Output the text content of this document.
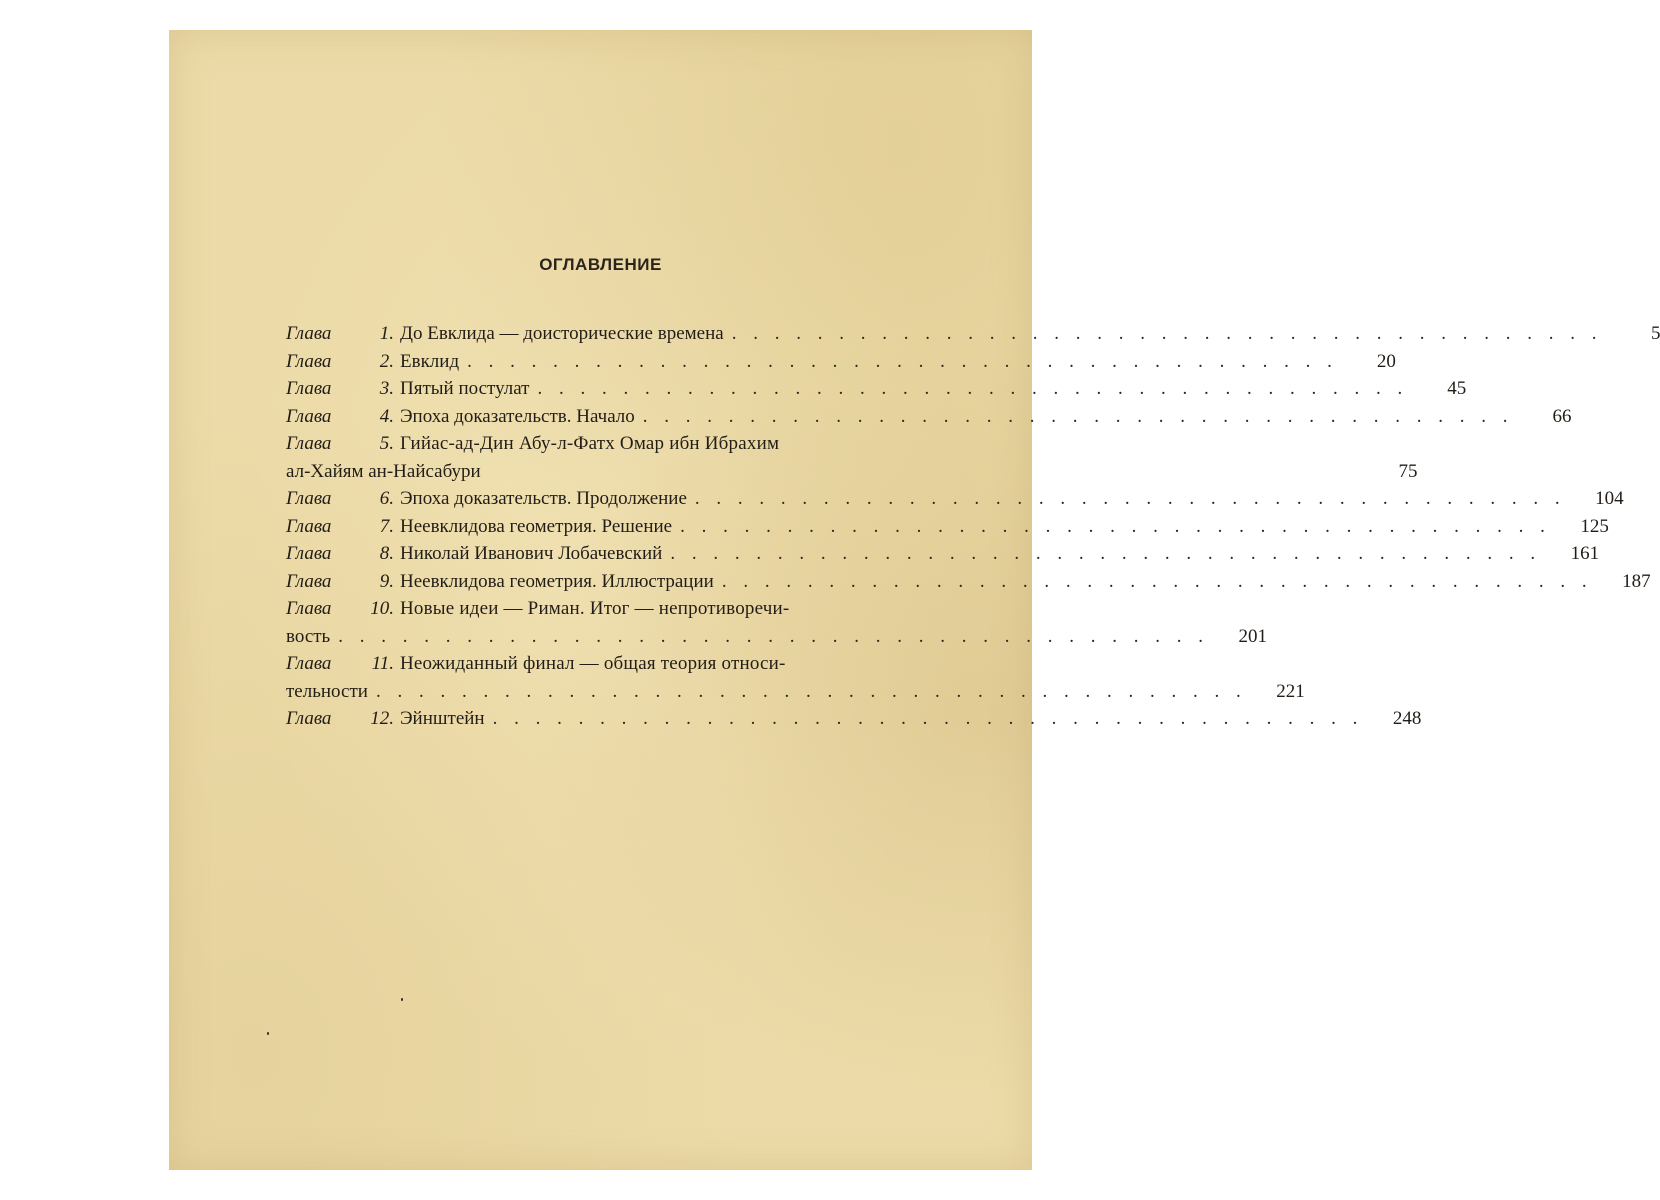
ОГЛАВЛЕНИЕ
Глава	1. До Евклида — доисторические времена . . .	5
Глава	2. Евклид . . .	20
Глава	3. Пятый постулат . . .	45
Глава	4. Эпоха доказательств. Начало . . .	66
Глава	5. Гийас-ад-Дин Абу-л-Фатх Омар ибн Ибрахим
ал-Хайям ан-Найсабури	75
Глава	6. Эпоха доказательств. Продолжение . . .	104
Глава	7. Неевклидова геометрия. Решение . . .	125
Глава	8. Николай Иванович Лобачевский . . .	161
Глава	9. Неевклидова геометрия. Иллюстрации . . .	187
Глава	10. Новые идеи — Риман. Итог — непротиворечи-
вость . . .	201
Глава	11. Неожиданный финал — общая теория относи-
тельности . . .	221
Глава	12. Эйнштейн . . .	248
